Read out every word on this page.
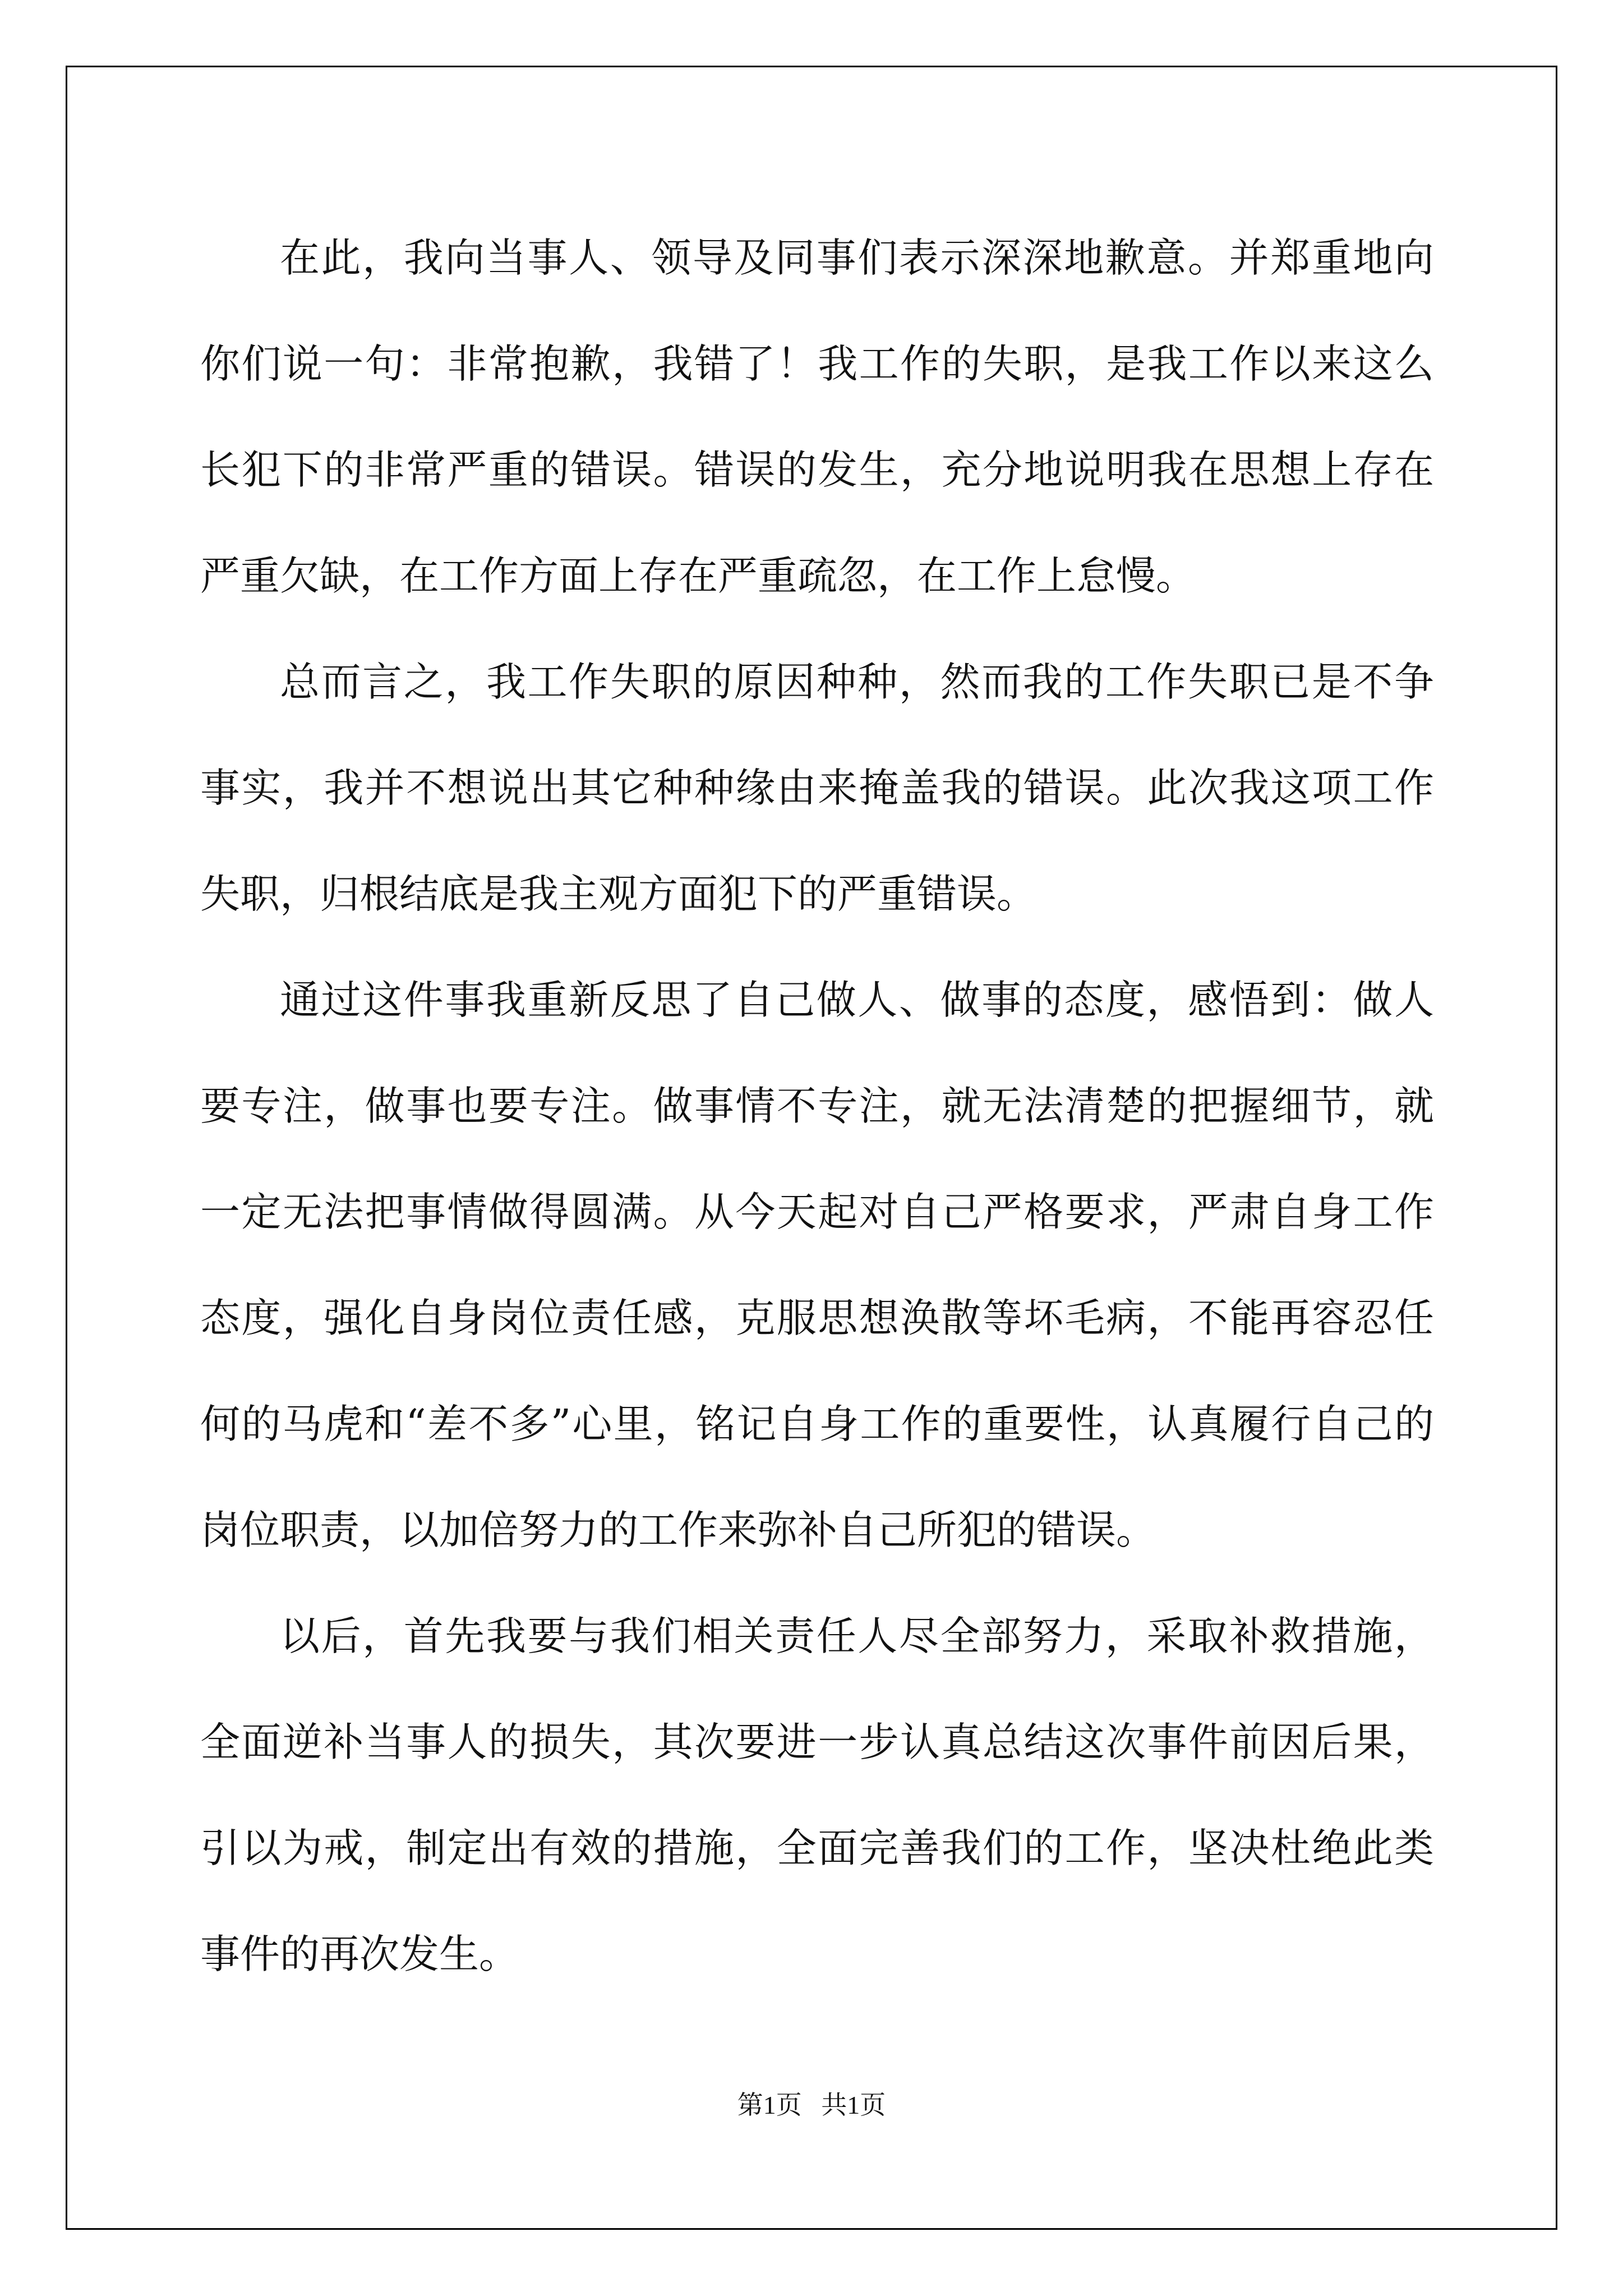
在此，我向当事人、领导及同事们表示深深地歉意。并郑重地向你们说一句：非常抱歉，我错了！我工作的失职，是我工作以来这么长犯下的非常严重的错误。错误的发生，充分地说明我在思想上存在严重欠缺，在工作方面上存在严重疏忽，在工作上怠慢。

总而言之，我工作失职的原因种种，然而我的工作失职已是不争事实，我并不想说出其它种种缘由来掩盖我的错误。此次我这项工作失职，归根结底是我主观方面犯下的严重错误。

通过这件事我重新反思了自己做人、做事的态度，感悟到：做人要专注，做事也要专注。做事情不专注，就无法清楚的把握细节，就一定无法把事情做得圆满。从今天起对自己严格要求，严肃自身工作态度，强化自身岗位责任感，克服思想涣散等坏毛病，不能再容忍任何的马虎和“差不多”心里，铭记自身工作的重要性，认真履行自己的岗位职责，以加倍努力的工作来弥补自己所犯的错误。

以后，首先我要与我们相关责任人尽全部努力，采取补救措施，全面逆补当事人的损失，其次要进一步认真总结这次事件前因后果，引以为戒，制定出有效的措施，全面完善我们的工作，坚决杜绝此类事件的再次发生。

第1页 共1页
